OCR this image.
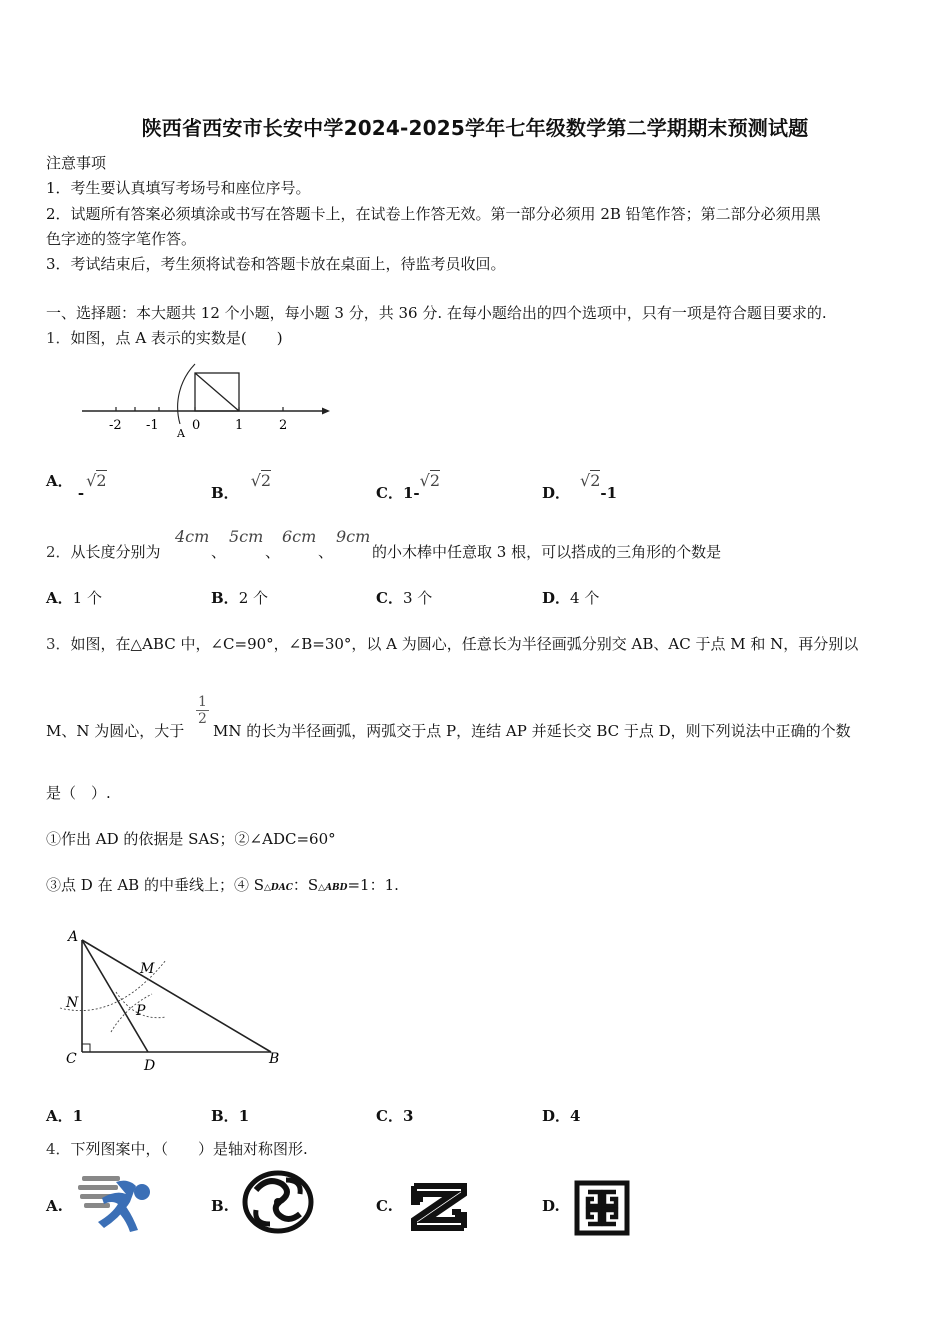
陕西省西安市长安中学2024-2025学年七年级数学第二学期期末预测试题
注意事项
1．考生要认真填写考场号和座位序号。
2．试题所有答案必须填涂或书写在答题卡上，在试卷上作答无效。第一部分必须用 2B 铅笔作答；第二部分必须用黑
色字迹的签字笔作答。
3．考试结束后，考生须将试卷和答题卡放在桌面上，待监考员收回。
一、选择题：本大题共 12 个小题，每小题 3 分，共 36 分. 在每小题给出的四个选项中，只有一项是符合题目要求的.
1．如图，点 A 表示的实数是(　　)
-2 -1	0	1	2
A
A． -√2
B．√2
C．1-√2
D．√2-1
2．从长度分别为
4cm
、
5cm
、
6cm
、
9cm
的小木棒中任意取 3 根，可以搭成的三角形的个数是
A．1 个	B．2 个	C．3 个	D．4 个
3．如图，在△ABC 中，∠C=90°，∠B=30°，以 A 为圆心，任意长为半径画弧分别交 AB、AC 于点 M 和 N，再分别以
M、N 为圆心，大于
$\frac{1}{2}$
MN 的长为半径画弧，两弧交于点 P，连结 AP 并延长交 BC 于点 D，则下列说法中正确的个数
是（　）.
①作出 AD 的依据是 SAS；②∠ADC=60°
③点 D 在 AB 的中垂线上；④ S△DAC：S△ABD=1：1.
A
M
N	P
C	D	B
A．1	B．1	C．3	D．4
4．下列图案中，（　　）是轴对称图形.
A.	B.	C.	D.
